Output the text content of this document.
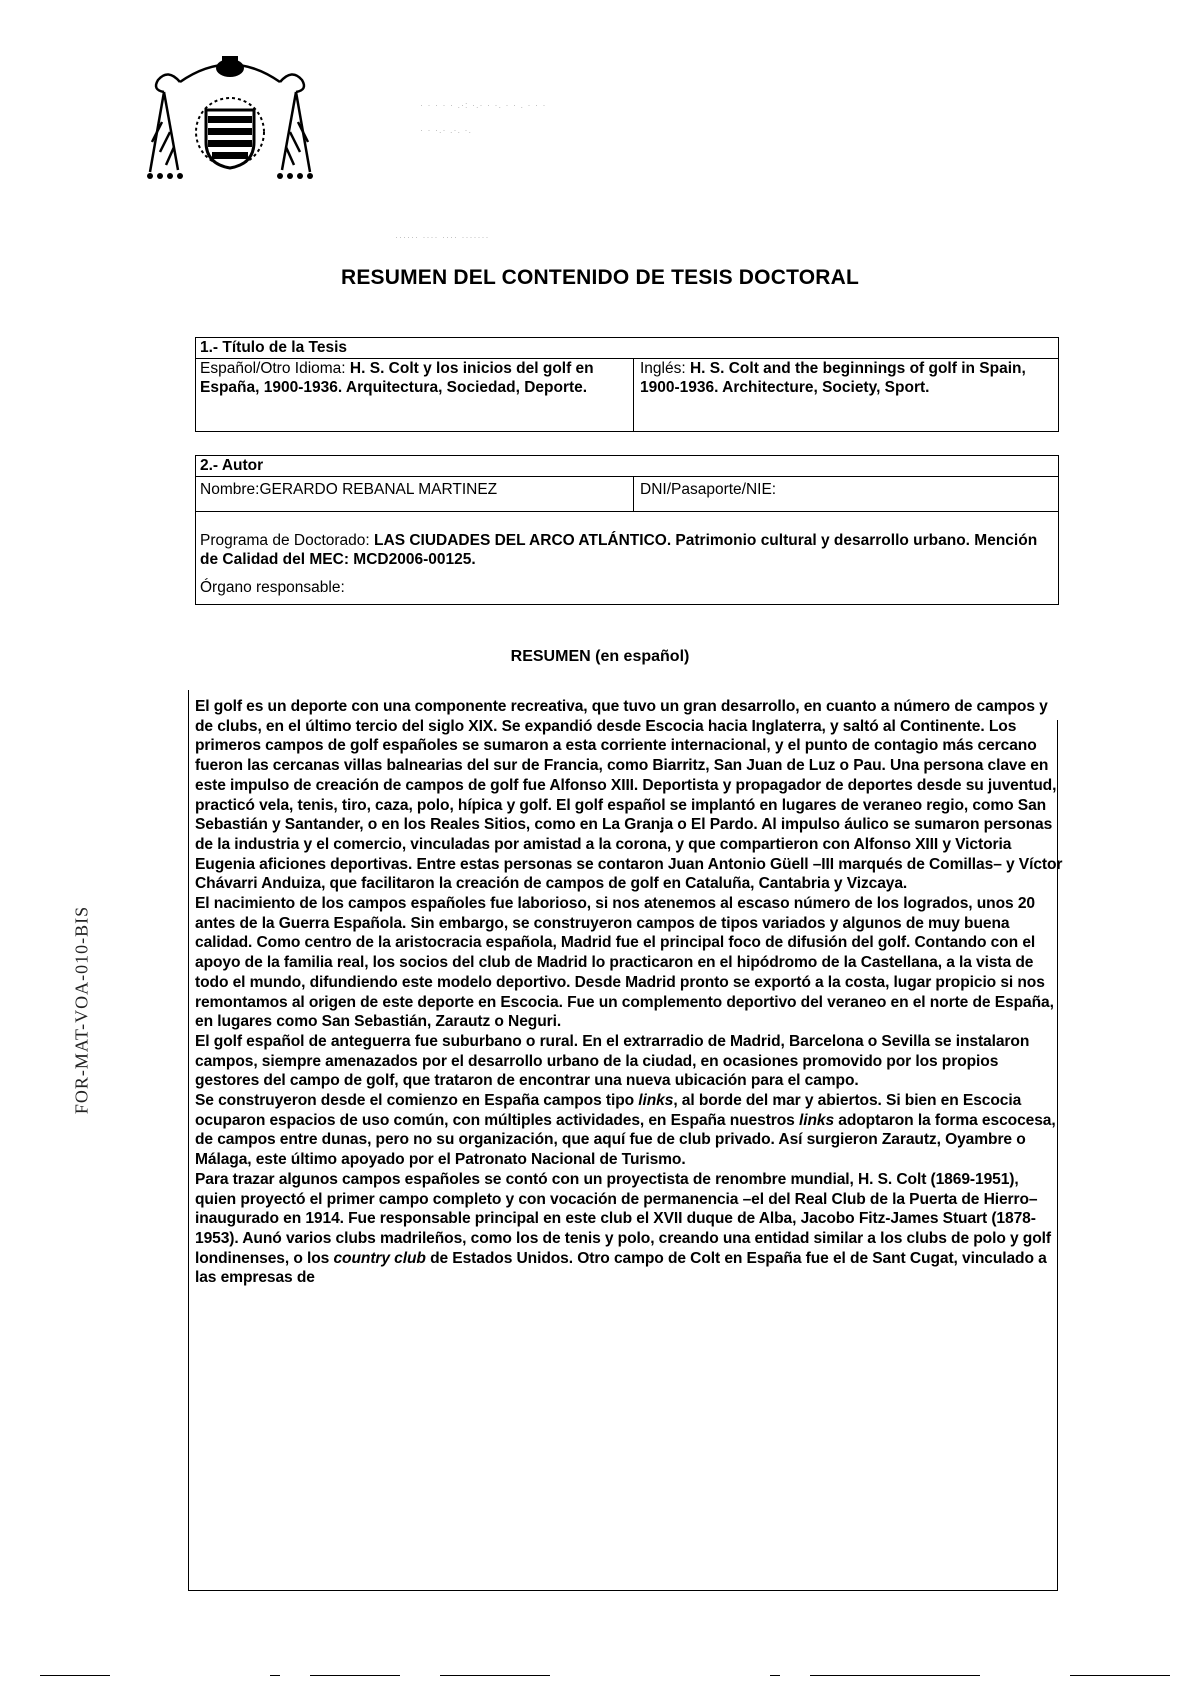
· · · · · .·: ·.· · ·. · · . · · ·
· · ·.· .·. ·.
······ ···· ···· ·······
FOR-MAT-VOA-010-BIS
RESUMEN DEL CONTENIDO DE TESIS DOCTORAL
1.- Título de la Tesis
Español/Otro Idioma: H. S. Colt y los inicios del golf en España, 1900-1936. Arquitectura, Sociedad, Deporte.
Inglés: H. S. Colt and the beginnings of golf in Spain, 1900-1936. Architecture, Society, Sport.
2.- Autor
Nombre:GERARDO REBANAL MARTINEZ	DNI/Pasaporte/NIE:
Programa de Doctorado: LAS CIUDADES DEL ARCO ATLÁNTICO. Patrimonio cultural y desarrollo urbano. Mención de Calidad del MEC: MCD2006-00125.
Órgano responsable:
RESUMEN (en español)

El golf es un deporte con una componente recreativa, que tuvo un gran desarrollo, en cuanto a número de campos y de clubs, en el último tercio del siglo XIX. Se expandió desde Escocia hacia Inglaterra, y saltó al Continente. Los primeros campos de golf españoles se sumaron a esta corriente internacional, y el punto de contagio más cercano fueron las cercanas villas balnearias del sur de Francia, como Biarritz, San Juan de Luz o Pau. Una persona clave en este impulso de creación de campos de golf fue Alfonso XIII. Deportista y propagador de deportes desde su juventud, practicó vela, tenis, tiro, caza, polo, hípica y golf. El golf español se implantó en lugares de veraneo regio, como San Sebastián y Santander, o en los Reales Sitios, como en La Granja o El Pardo. Al impulso áulico se sumaron personas de la industria y el comercio, vinculadas por amistad a la corona, y que compartieron con Alfonso XIII y Victoria Eugenia aficiones deportivas. Entre estas personas se contaron Juan Antonio Güell –III marqués de Comillas– y Víctor Chávarri Anduiza, que facilitaron la creación de campos de golf en Cataluña, Cantabria y Vizcaya.

El nacimiento de los campos españoles fue laborioso, si nos atenemos al escaso número de los logrados, unos 20 antes de la Guerra Española. Sin embargo, se construyeron campos de tipos variados y algunos de muy buena calidad. Como centro de la aristocracia española, Madrid fue el principal foco de difusión del golf. Contando con el apoyo de la familia real, los socios del club de Madrid lo practicaron en el hipódromo de la Castellana, a la vista de todo el mundo, difundiendo este modelo deportivo. Desde Madrid pronto se exportó a la costa, lugar propicio si nos remontamos al origen de este deporte en Escocia. Fue un complemento deportivo del veraneo en el norte de España, en lugares como San Sebastián, Zarautz o Neguri.

El golf español de anteguerra fue suburbano o rural. En el extrarradio de Madrid, Barcelona o Sevilla se instalaron campos, siempre amenazados por el desarrollo urbano de la ciudad, en ocasiones promovido por los propios gestores del campo de golf, que trataron de encontrar una nueva ubicación para el campo.

Se construyeron desde el comienzo en España campos tipo links, al borde del mar y abiertos. Si bien en Escocia ocuparon espacios de uso común, con múltiples actividades, en España nuestros links adoptaron la forma escocesa, de campos entre dunas, pero no su organización, que aquí fue de club privado. Así surgieron Zarautz, Oyambre o Málaga, este último apoyado por el Patronato Nacional de Turismo.

Para trazar algunos campos españoles se contó con un proyectista de renombre mundial, H. S. Colt (1869-1951), quien proyectó el primer campo completo y con vocación de permanencia –el del Real Club de la Puerta de Hierro– inaugurado en 1914. Fue responsable principal en este club el XVII duque de Alba, Jacobo Fitz-James Stuart (1878-1953). Aunó varios clubs madrileños, como los de tenis y polo, creando una entidad similar a los clubs de polo y golf londinenses, o los country club de Estados Unidos. Otro campo de Colt en España fue el de Sant Cugat, vinculado a las empresas de
